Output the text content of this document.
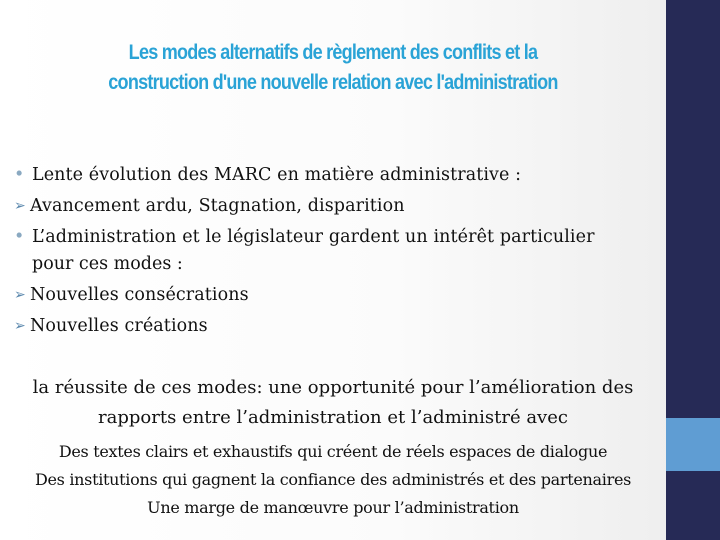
Les modes alternatifs de règlement des conflits et la
construction d'une nouvelle relation avec l'administration
• Lente évolution des MARC en matière administrative :
➢ Avancement ardu, Stagnation, disparition
• L’administration et le législateur gardent un intérêt particulier
pour ces modes :
➢ Nouvelles consécrations
➢ Nouvelles créations
la réussite de ces modes: une opportunité pour l’amélioration des
rapports entre l’administration et l’administré avec
Des textes clairs et exhaustifs qui créent de réels espaces de dialogue
Des institutions qui gagnent la confiance des administrés et des partenaires
Une marge de manœuvre pour l’administration
